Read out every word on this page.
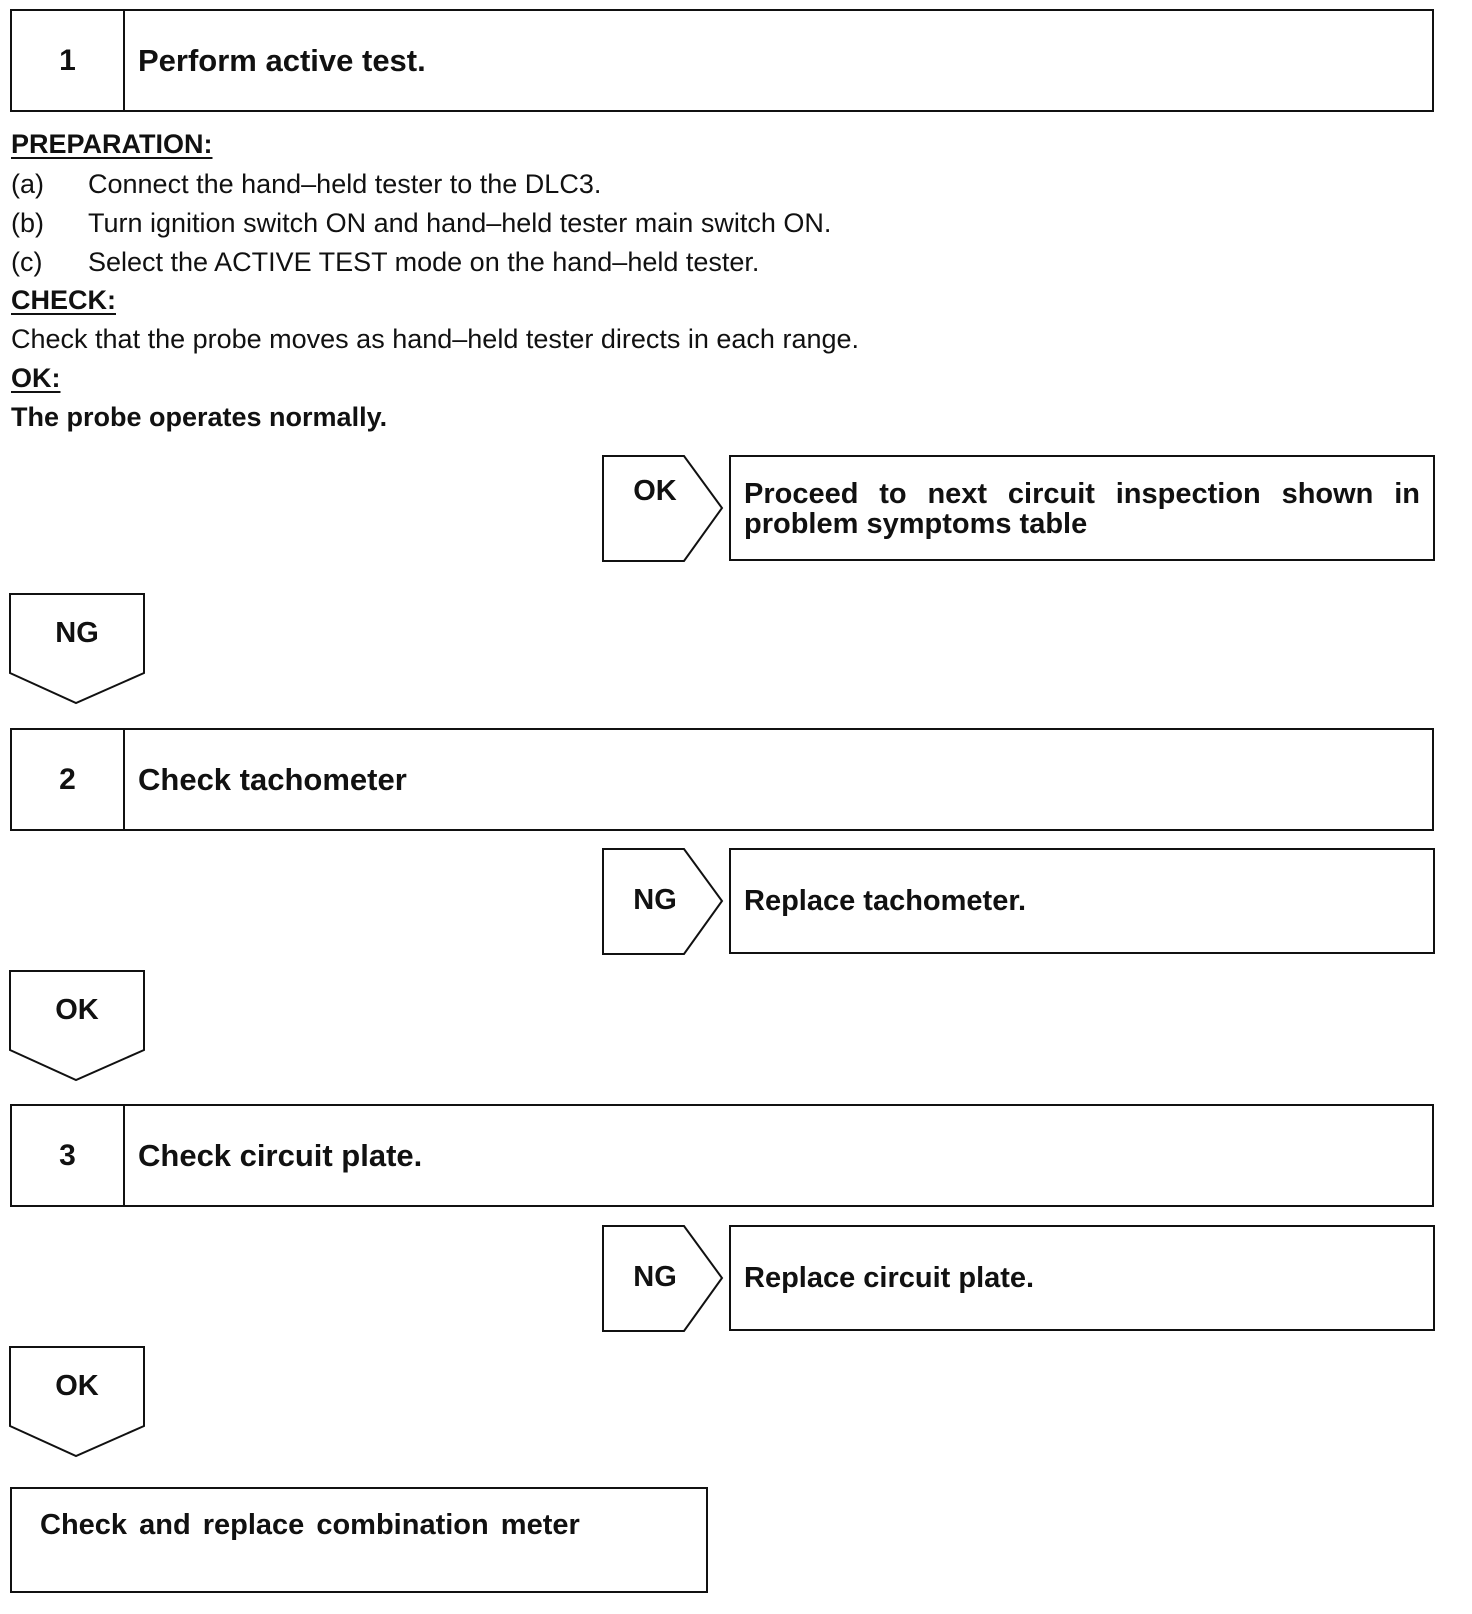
1	Perform active test.
PREPARATION:
(a)	Connect the hand–held tester to the DLC3.
(b)	Turn ignition switch ON and hand–held tester main switch ON.
(c)	Select the ACTIVE TEST mode on the hand–held tester.
CHECK:
Check that the probe moves as hand–held tester directs in each range.
OK:
The probe operates normally.
OK	Proceed to next circuit inspection shown in
problem symptoms table
NG
2	Check tachometer
NG	Replace tachometer.
OK
3	Check circuit plate.
NG	Replace circuit plate.
OK
Check and replace combination meter
